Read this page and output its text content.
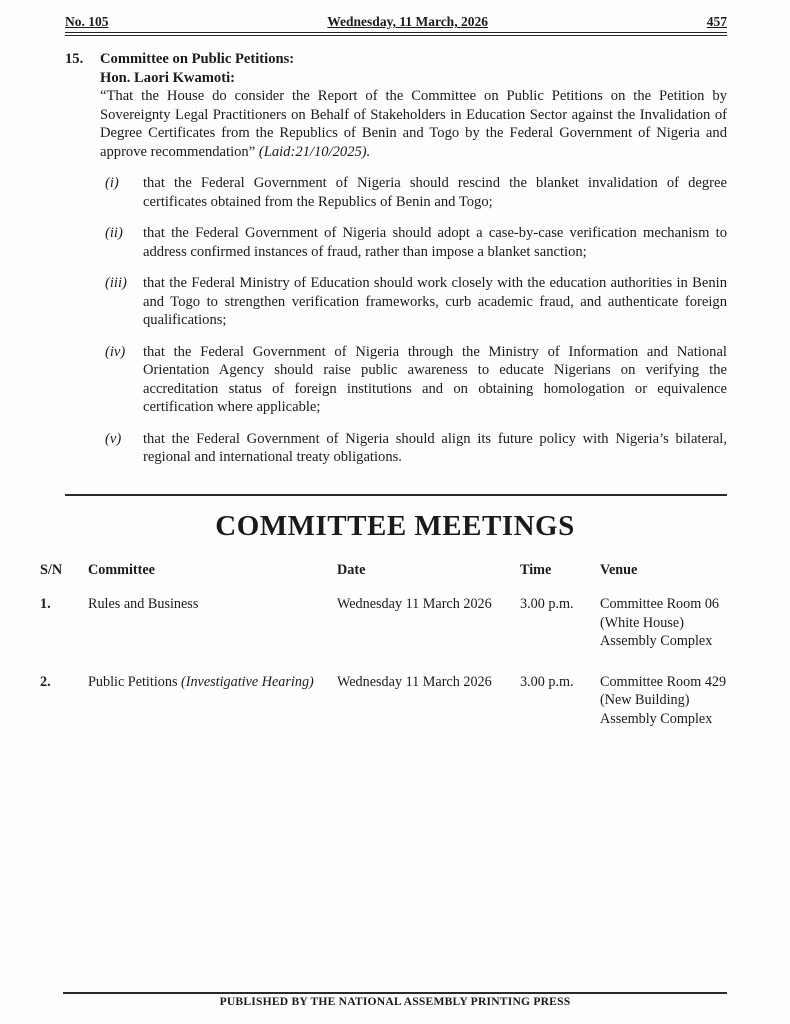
No. 105	Wednesday, 11 March, 2026	457
15.	Committee on Public Petitions:
Hon. Laori Kwamoti:
“That the House do consider the Report of the Committee on Public Petitions on the Petition by Sovereignty Legal Practitioners on Behalf of Stakeholders in Education Sector against the Invalidation of Degree Certificates from the Republics of Benin and Togo by the Federal Government of Nigeria and approve recommendation” (Laid:21/10/2025).
(i)	that the Federal Government of Nigeria should rescind the blanket invalidation of degree certificates obtained from the Republics of Benin and Togo;
(ii)	that the Federal Government of Nigeria should adopt a case-by-case verification mechanism to address confirmed instances of fraud, rather than impose a blanket sanction;
(iii)	that the Federal Ministry of Education should work closely with the education authorities in Benin and Togo to strengthen verification frameworks, curb academic fraud, and authenticate foreign qualifications;
(iv)	that the Federal Government of Nigeria through the Ministry of Information and National Orientation Agency should raise public awareness to educate Nigerians on verifying the accreditation status of foreign institutions and on obtaining homologation or equivalence certification where applicable;
(v)	that the Federal Government of Nigeria should align its future policy with Nigeria’s bilateral, regional and international treaty obligations.
COMMITTEE MEETINGS
S/N	Committee	Date	Time	Venue
1.	Rules and Business	Wednesday 11 March 2026	3.00 p.m.	Committee Room 06
(White House)
Assembly Complex
2.	Public Petitions (Investigative Hearing)	Wednesday 11 March 2026	3.00 p.m.	Committee Room 429
(New Building)
Assembly Complex
PUBLISHED BY THE NATIONAL ASSEMBLY PRINTING PRESS
